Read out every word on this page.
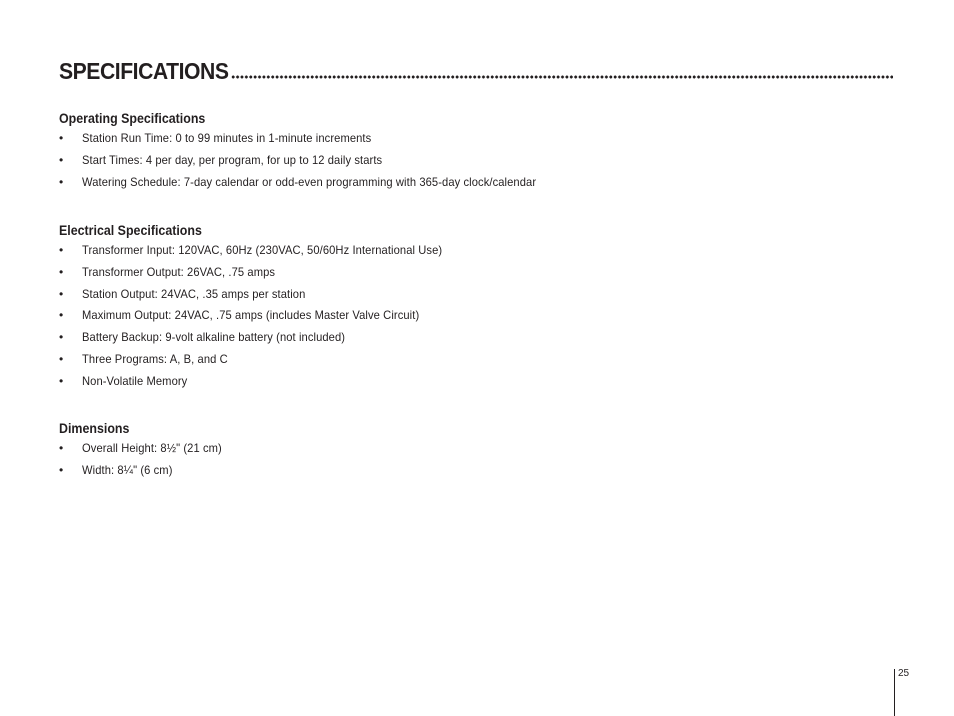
SPECIFICATIONS
Operating Specifications
• Station Run Time: 0 to 99 minutes in 1-minute increments
• Start Times: 4 per day, per program, for up to 12 daily starts
• Watering Schedule: 7-day calendar or odd-even programming with 365-day clock/calendar
Electrical Specifications
• Transformer Input: 120VAC, 60Hz (230VAC, 50/60Hz International Use)
• Transformer Output: 26VAC, .75 amps
• Station Output: 24VAC, .35 amps per station
• Maximum Output: 24VAC, .75 amps (includes Master Valve Circuit)
• Battery Backup: 9-volt alkaline battery (not included)
• Three Programs: A, B, and C
• Non-Volatile Memory
Dimensions
• Overall Height: 8½" (21 cm)
• Width: 8¼" (6 cm)
25
